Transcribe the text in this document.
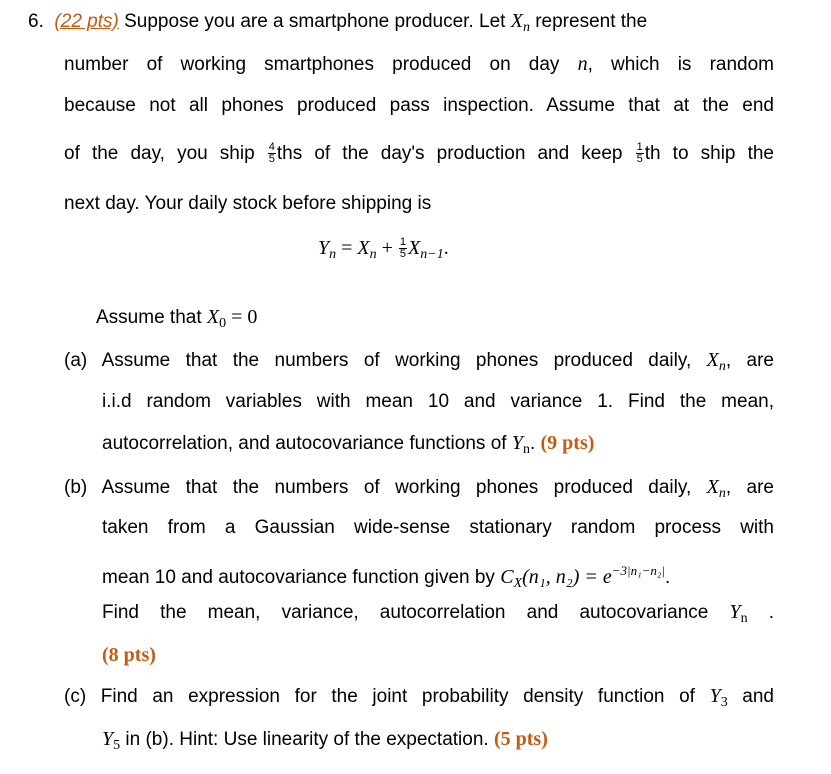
6. (22 pts) Suppose you are a smartphone producer. Let $X_n$ represent the
number of working smartphones produced on day n, which is random
because not all phones produced pass inspection. Assume that at the end
of the day, you ship $\frac{4}{5}$ ths of the day's production and keep $\frac{1}{5}$ th to ship the
next day. Your daily stock before shipping is
$Y_n = X_n + \frac{1}{5} X_{n-1}$.
Assume that $X_0 = 0$
(a) Assume that the numbers of working phones produced daily, $X_n$, are
i.i.d random variables with mean 10 and variance 1. Find the mean,
autocorrelation, and autocovariance functions of $Y_n$. (9 pts)
(b) Assume that the numbers of working phones produced daily, $X_n$, are
taken from a Gaussian wide-sense stationary random process with
mean 10 and autocovariance function given by $C_X(n_1$, $n_2) = e^{-3|n_1-n_2|}$.
Find the mean, variance, autocorrelation and autocovariance $Y_n$ .
(8 pts)
(c) Find an expression for the joint probability density function of $Y_3$ and
$Y_5$ in (b). Hint: Use linearity of the expectation. (5 pts)
